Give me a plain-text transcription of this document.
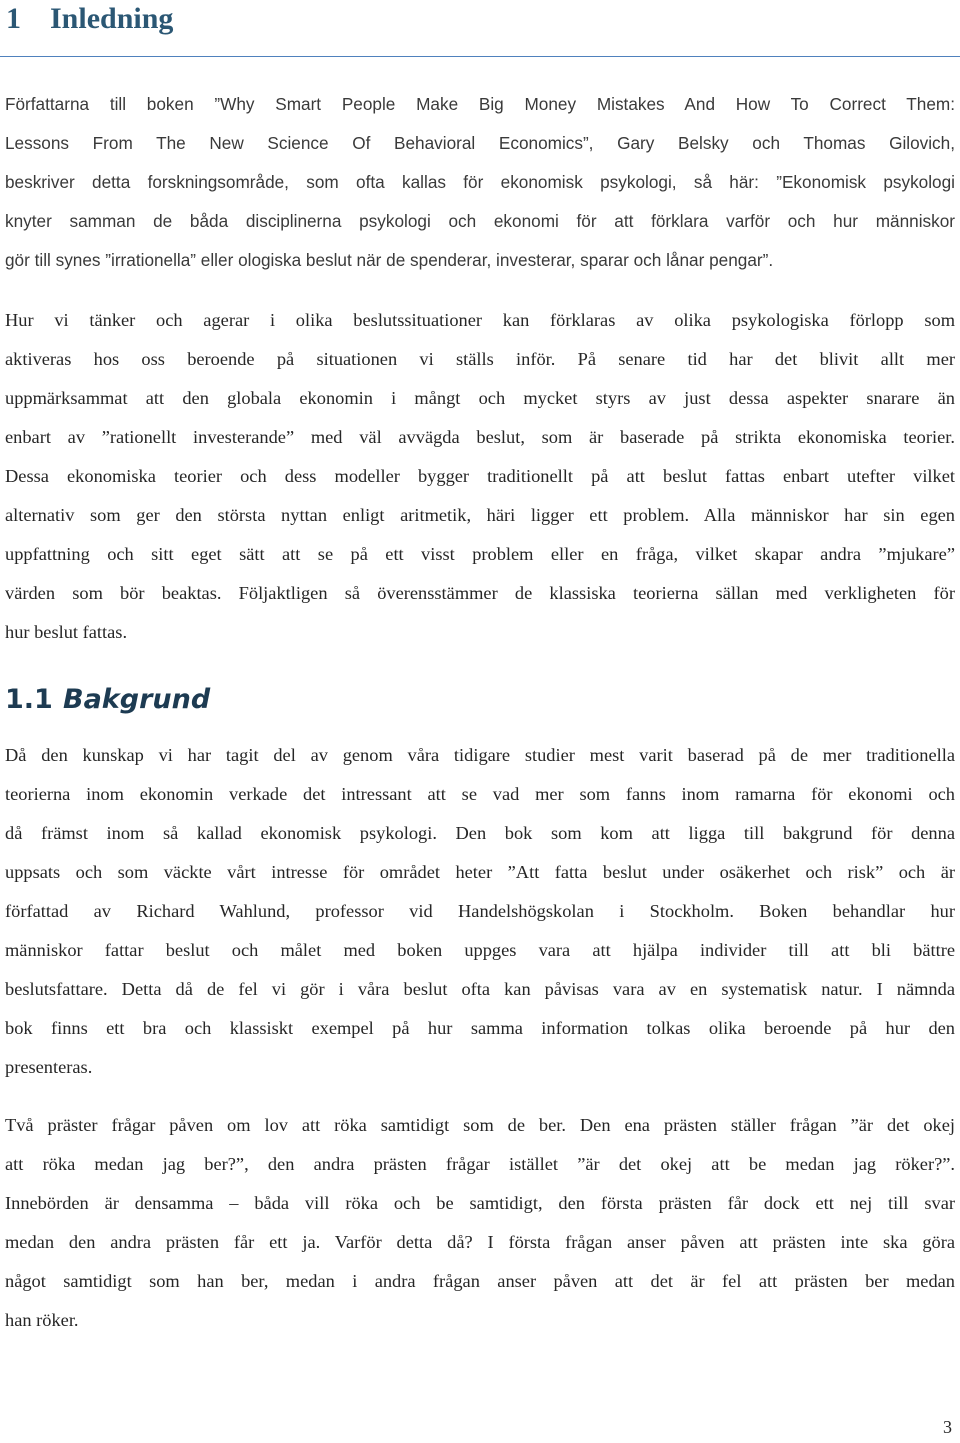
1 Inledning

Författarna till boken ”Why Smart People Make Big Money Mistakes And How To Correct Them:
Lessons From The New Science Of Behavioral Economics”, Gary Belsky och Thomas Gilovich,
beskriver detta forskningsområde, som ofta kallas för ekonomisk psykologi, så här: ”Ekonomisk psykologi
knyter samman de båda disciplinerna psykologi och ekonomi för att förklara varför och hur människor
gör till synes ”irrationella” eller ologiska beslut när de spenderar, investerar, sparar och lånar pengar”.

Hur vi tänker och agerar i olika beslutssituationer kan förklaras av olika psykologiska förlopp som
aktiveras hos oss beroende på situationen vi ställs inför. På senare tid har det blivit allt mer
uppmärksammat att den globala ekonomin i mångt och mycket styrs av just dessa aspekter snarare än
enbart av ”rationellt investerande” med väl avvägda beslut, som är baserade på strikta ekonomiska teorier.
Dessa ekonomiska teorier och dess modeller bygger traditionellt på att beslut fattas enbart utefter vilket
alternativ som ger den största nyttan enligt aritmetik, häri ligger ett problem. Alla människor har sin egen
uppfattning och sitt eget sätt att se på ett visst problem eller en fråga, vilket skapar andra ”mjukare”
värden som bör beaktas. Följaktligen så överensstämmer de klassiska teorierna sällan med verkligheten för
hur beslut fattas.

1.1 Bakgrund

Då den kunskap vi har tagit del av genom våra tidigare studier mest varit baserad på de mer traditionella
teorierna inom ekonomin verkade det intressant att se vad mer som fanns inom ramarna för ekonomi och
då främst inom så kallad ekonomisk psykologi. Den bok som kom att ligga till bakgrund för denna
uppsats och som väckte vårt intresse för området heter ”Att fatta beslut under osäkerhet och risk” och är
författad av Richard Wahlund, professor vid Handelshögskolan i Stockholm. Boken behandlar hur
människor fattar beslut och målet med boken uppges vara att hjälpa individer till att bli bättre
beslutsfattare. Detta då de fel vi gör i våra beslut ofta kan påvisas vara av en systematisk natur. I nämnda
bok finns ett bra och klassiskt exempel på hur samma information tolkas olika beroende på hur den
presenteras.

Två präster frågar påven om lov att röka samtidigt som de ber. Den ena prästen ställer frågan ”är det okej
att röka medan jag ber?”, den andra prästen frågar istället ”är det okej att be medan jag röker?”.
Innebörden är densamma – båda vill röka och be samtidigt, den första prästen får dock ett nej till svar
medan den andra prästen får ett ja. Varför detta då? I första frågan anser påven att prästen inte ska göra
något samtidigt som han ber, medan i andra frågan anser påven att det är fel att prästen ber medan
han röker.

3
